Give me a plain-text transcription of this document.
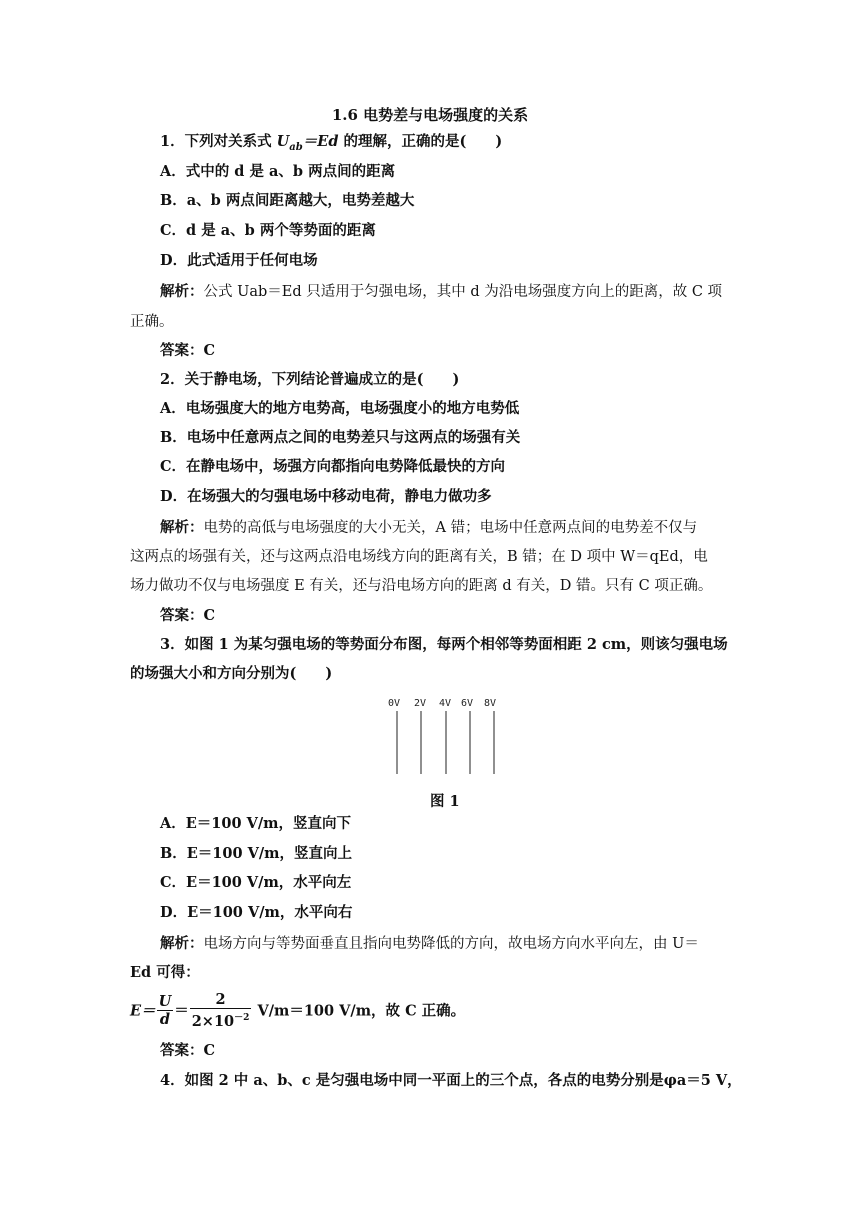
1.6 电势差与电场强度的关系
1．下列对关系式 $U_{ab}=Ed$ 的理解，正确的是(　　)
A．式中的 d 是 a、b 两点间的距离
B．a、b 两点间距离越大，电势差越大
C．d 是 a、b 两个等势面的距离
D．此式适用于任何电场
解析：公式 Uab＝Ed 只适用于匀强电场，其中 d 为沿电场强度方向上的距离，故 C 项
正确。
答案：C
2．关于静电场，下列结论普遍成立的是(　　)
A．电场强度大的地方电势高，电场强度小的地方电势低
B．电场中任意两点之间的电势差只与这两点的场强有关
C．在静电场中，场强方向都指向电势降低最快的方向
D．在场强大的匀强电场中移动电荷，静电力做功多
解析：电势的高低与电场强度的大小无关，A 错；电场中任意两点间的电势差不仅与
这两点的场强有关，还与这两点沿电场线方向的距离有关，B 错；在 D 项中 W＝qEd，电
场力做功不仅与电场强度 E 有关，还与沿电场方向的距离 d 有关，D 错。只有 C 项正确。
答案：C
3．如图 1 为某匀强电场的等势面分布图，每两个相邻等势面相距 2 cm，则该匀强电场
的场强大小和方向分别为(　　)
0V 2V 4V 6V 8V
图 1
A．E＝100 V/m，竖直向下
B．E＝100 V/m，竖直向上
C．E＝100 V/m，水平向左
D．E＝100 V/m，水平向右
解析：电场方向与等势面垂直且指向电势降低的方向，故电场方向水平向左，由 U＝
Ed 可得：
$E= \frac{U}{d} = \frac{2}{2\times 10^{-2}} V/m=100$ V/m，故 C 正确。
答案：C
4．如图 2 中 a、b、c 是匀强电场中同一平面上的三个点，各点的电势分别是φa＝5 V，
